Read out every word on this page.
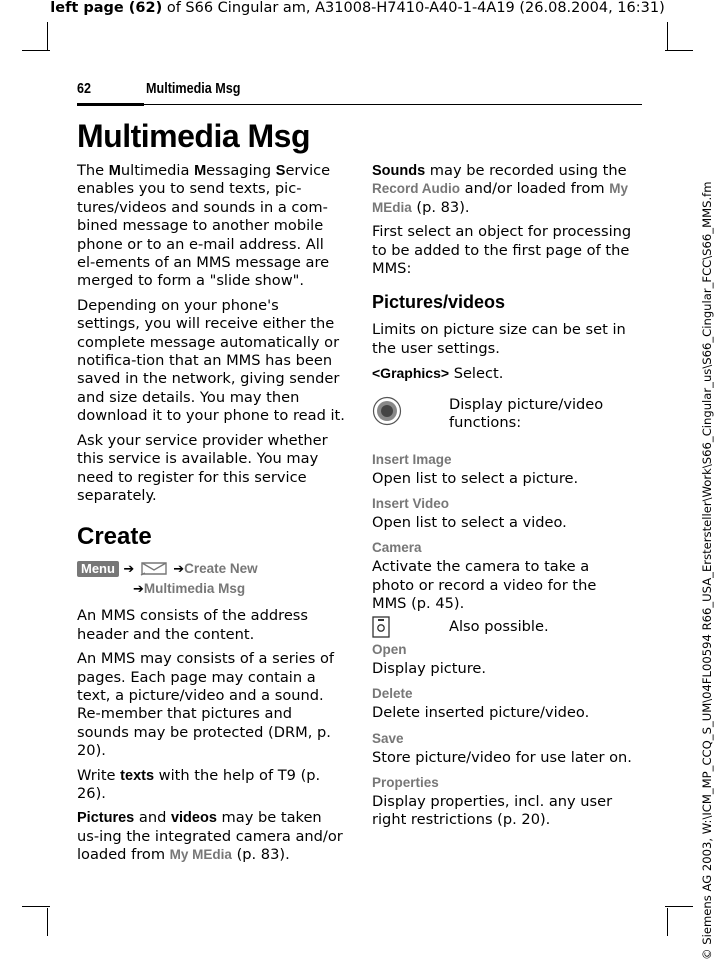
left page (62) of S66 Cingular am, A31008-H7410-A40-1-4A19 (26.08.2004, 16:31)
© Siemens AG 2003, W:\ICM_MP_CCQ_S_UM\04FL00594 R66_USA_Erstersteller\Work\S66_Cingular_us\S66_Cingular_FCC\S66_MMS.fm
62	Multimedia Msg
Multimedia Msg

The Multimedia Messaging Service enables you to send texts, pic-tures/videos and sounds in a com-bined message to another mobile phone or to an e-mail address. All el-ements of an MMS message are merged to form a "slide show".

Depending on your phone's settings, you will receive either the complete message automatically or notifica-tion that an MMS has been saved in the network, giving sender and size details. You may then download it to your phone to read it.

Ask your service provider whether this service is available. You may need to register for this service separately.

Create
Menu ➔	➔Create New
➔Multimedia Msg

An MMS consists of the address header and the content.

An MMS may consists of a series of pages. Each page may contain a text, a picture/video and a sound. Re-member that pictures and sounds may be protected (DRM, p. 20).

Write texts with the help of T9 (p. 26).

Pictures and videos may be taken us-ing the integrated camera and/or loaded from My MEdia (p. 83).

Sounds may be recorded using the Record Audio and/or loaded from My MEdia (p. 83).

First select an object for processing to be added to the first page of the MMS:

Pictures/videos

Limits on picture size can be set in the user settings.

<Graphics> Select.

Display picture/video functions:

Insert Image

Open list to select a picture.

Insert Video

Open list to select a video.

Camera

Activate the camera to take a photo or record a video for the MMS (p. 45).

Also possible.

Open

Display picture.

Delete

Delete inserted picture/video.

Save

Store picture/video for use later on.

Properties

Display properties, incl. any user right restrictions (p. 20).
